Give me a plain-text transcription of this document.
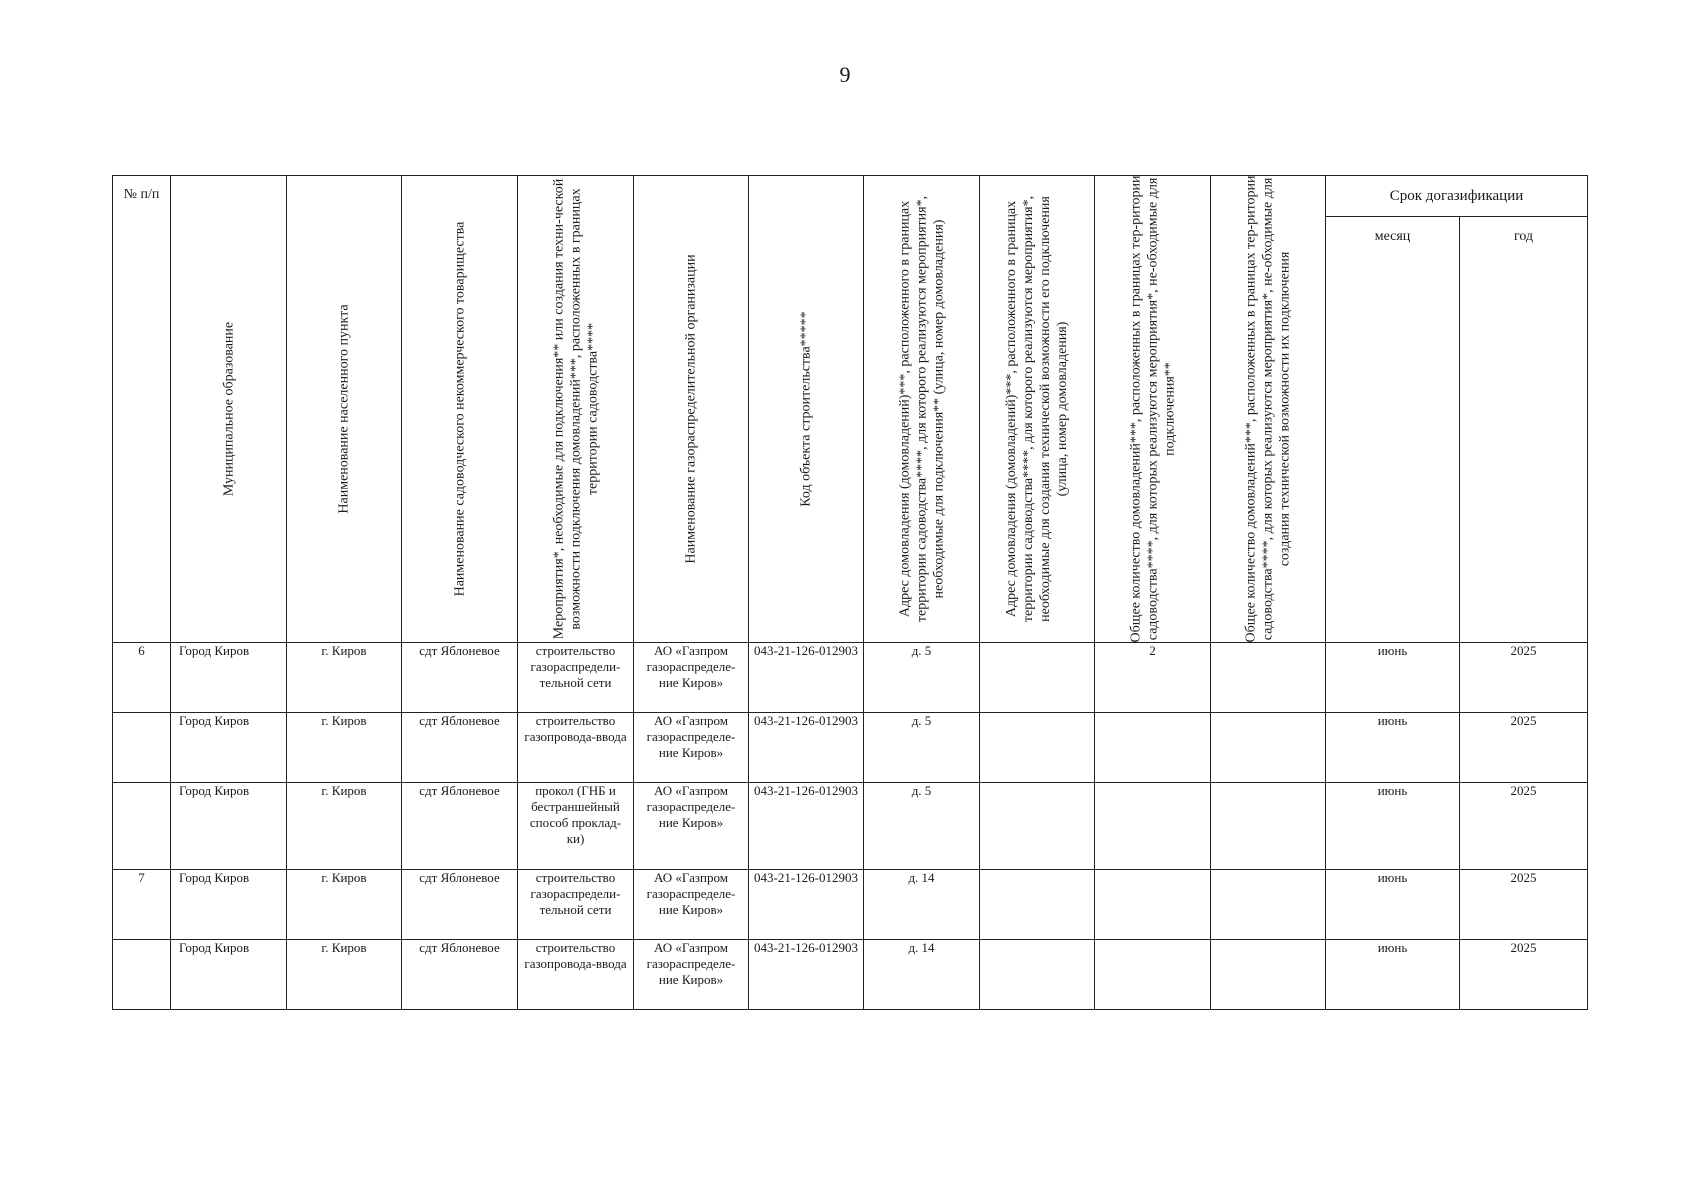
9
№ п/п	Муниципальное образование	Наименование населенного пункта	Наименование садоводческого некоммерческого товарищества	Мероприятия*, необходимые для подключения** или создания техни-ческой возможности подключения домовладений***, расположенных в границах территории садоводства****	Наименование газораспределительной организации	Код объекта строительства*****	Адрес домовладения (домовладений)***, расположенного в границах территории садоводства****, для которого реализуются мероприятия*, необходимые для подключения** (улица, номер домовладения)	Адрес домовладения (домовладений)***, расположенного в границах территории садоводства****, для которого реализуются мероприятия*, необходимые для создания технической возможности его подключения (улица, номер домовладения)	Общее количество домовладений***, расположенных в границах тер-ритории садоводства****, для которых реализуются мероприятия*, не-обходимые для подключения**	Общее количество домовладений***, расположенных в границах тер-ритории садоводства****, для которых реализуются мероприятия*, не-обходимые для создания технической возможности их подключения	Срок догазификации	
											месяц	год
6	Город Киров	г. Киров	сдт Яблоневое	строительство газораспредели-тельной сети	АО «Газпром газораспределе-ние Киров»	043-21-126-012903	д. 5		2		июнь	2025
	Город Киров	г. Киров	сдт Яблоневое	строительство газопровода-ввода	АО «Газпром газораспределе-ние Киров»	043-21-126-012903	д. 5				июнь	2025
	Город Киров	г. Киров	сдт Яблоневое	прокол (ГНБ и бестраншейный способ проклад-ки)	АО «Газпром газораспределе-ние Киров»	043-21-126-012903	д. 5				июнь	2025
7	Город Киров	г. Киров	сдт Яблоневое	строительство газораспредели-тельной сети	АО «Газпром газораспределе-ние Киров»	043-21-126-012903	д. 14				июнь	2025
	Город Киров	г. Киров	сдт Яблоневое	строительство газопровода-ввода	АО «Газпром газораспределе-ние Киров»	043-21-126-012903	д. 14				июнь	2025
